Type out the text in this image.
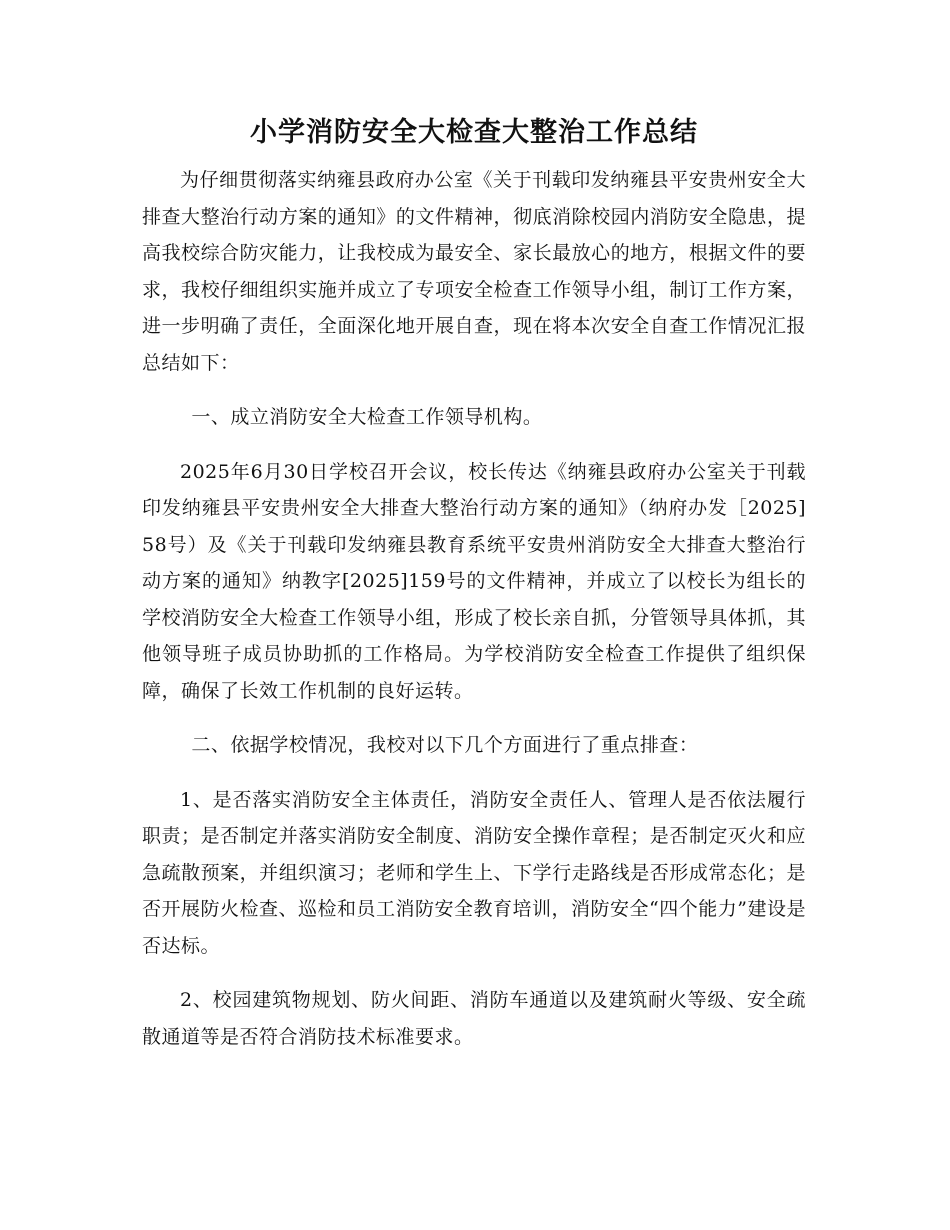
小学消防安全大检查大整治工作总结

为仔细贯彻落实纳雍县政府办公室《关于刊载印发纳雍县平安贵州安全大排查大整治行动方案的通知》的文件精神，彻底消除校园内消防安全隐患，提高我校综合防灾能力，让我校成为最安全、家长最放心的地方，根据文件的要求，我校仔细组织实施并成立了专项安全检查工作领导小组，制订工作方案，进一步明确了责任，全面深化地开展自查，现在将本次安全自查工作情况汇报总结如下：

一、成立消防安全大检查工作领导机构。

2025年6月30日学校召开会议，校长传达《纳雍县政府办公室关于刊载印发纳雍县平安贵州安全大排查大整治行动方案的通知》（纳府办发［2025]58号）及《关于刊载印发纳雍县教育系统平安贵州消防安全大排查大整治行动方案的通知》纳教字[2025]159号的文件精神，并成立了以校长为组长的学校消防安全大检查工作领导小组，形成了校长亲自抓，分管领导具体抓，其他领导班子成员协助抓的工作格局。为学校消防安全检查工作提供了组织保障，确保了长效工作机制的良好运转。

二、依据学校情况，我校对以下几个方面进行了重点排查：

1、是否落实消防安全主体责任，消防安全责任人、管理人是否依法履行职责；是否制定并落实消防安全制度、消防安全操作章程；是否制定灭火和应急疏散预案，并组织演习；老师和学生上、下学行走路线是否形成常态化；是否开展防火检查、巡检和员工消防安全教育培训，消防安全“四个能力”建设是否达标。

2、校园建筑物规划、防火间距、消防车通道以及建筑耐火等级、安全疏散通道等是否符合消防技术标准要求。
